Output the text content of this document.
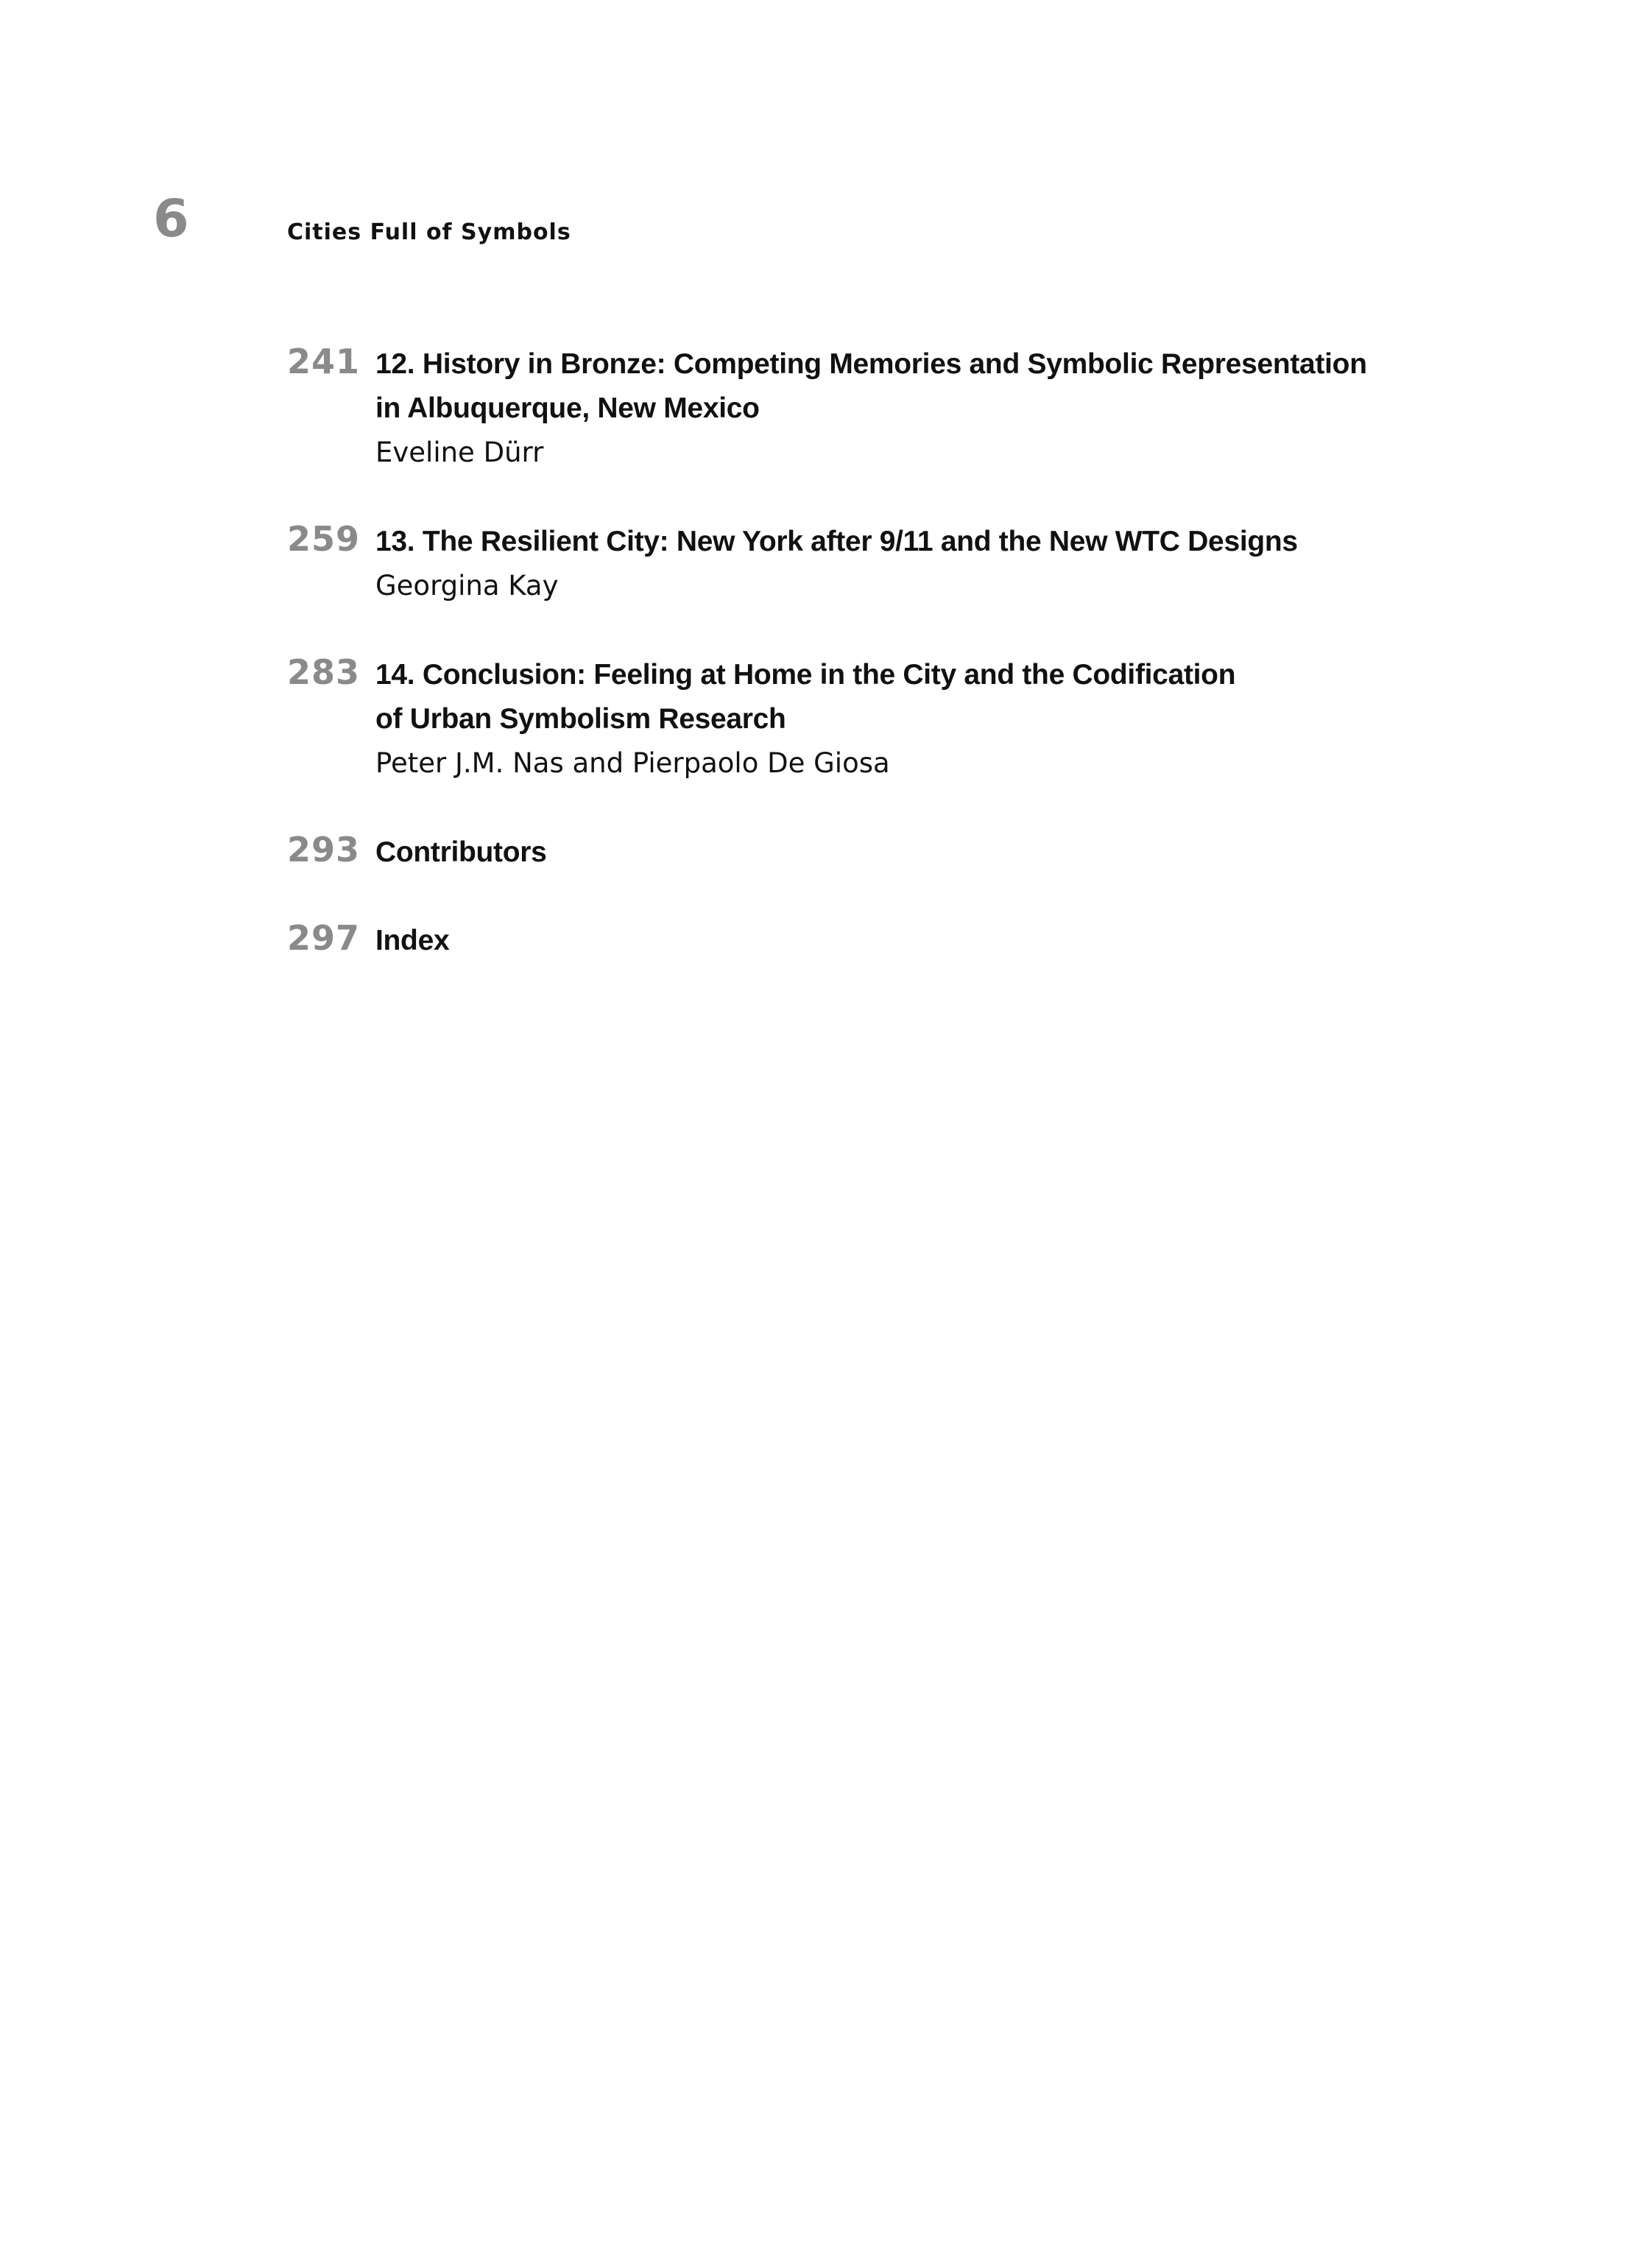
6	Cities Full of Symbols
241 12. History in Bronze: Competing Memories and Symbolic Representation
in Albuquerque, New Mexico
Eveline Dürr
259 13. The Resilient City: New York after 9/11 and the New WTC Designs
Georgina Kay
283 14. Conclusion: Feeling at Home in the City and the Codification
of Urban Symbolism Research
Peter J.M. Nas and Pierpaolo De Giosa
293 Contributors
297 Index
